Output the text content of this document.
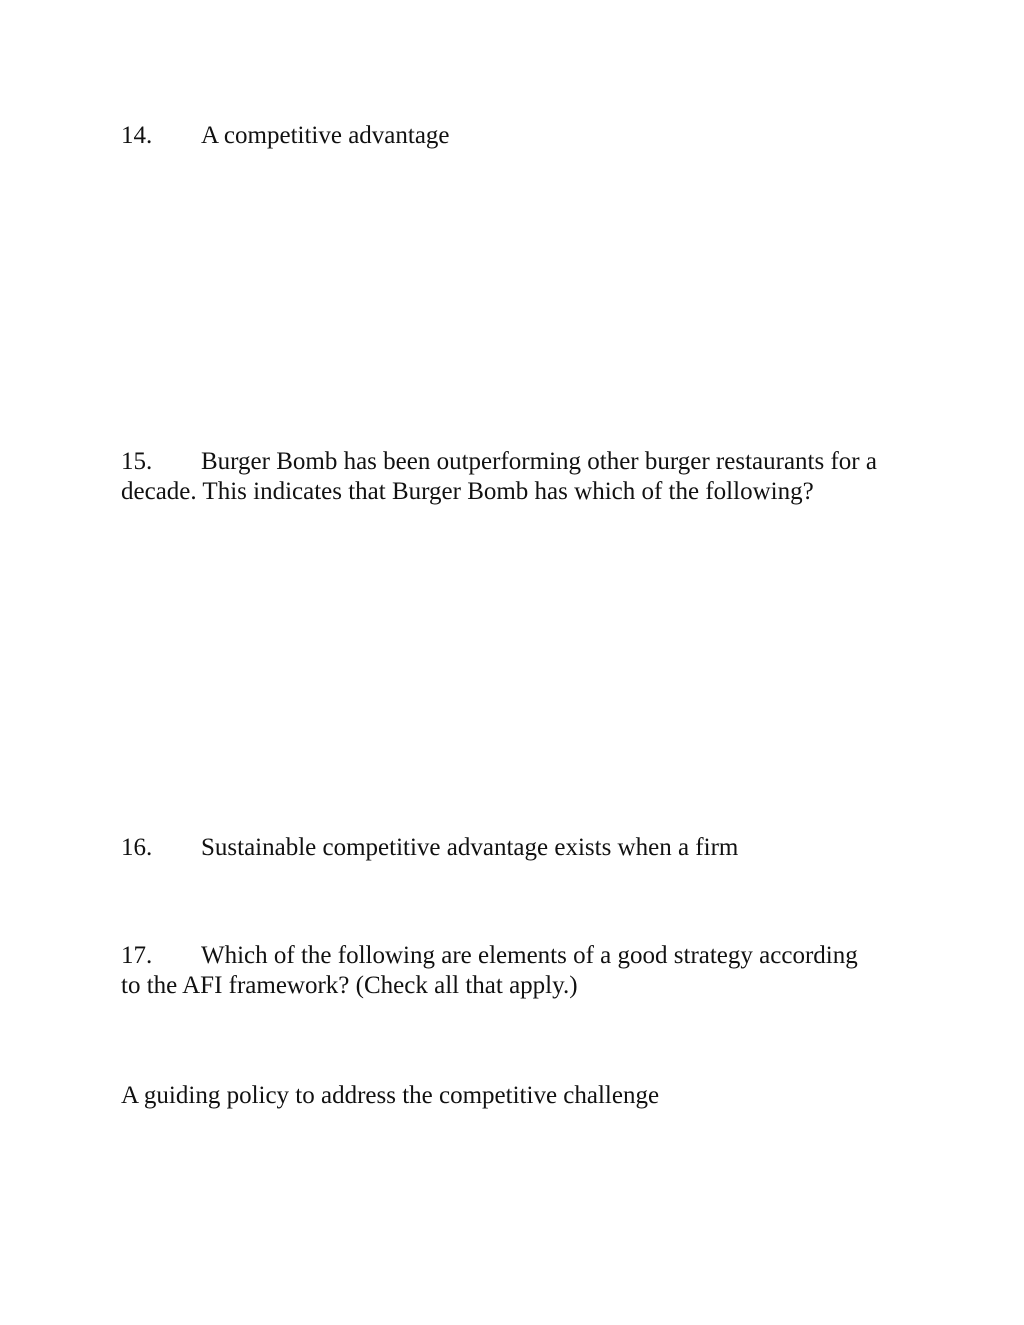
14. A competitive advantage

15. Burger Bomb has been outperforming other burger restaurants for a decade. This indicates that Burger Bomb has which of the following?

16. Sustainable competitive advantage exists when a firm

17. Which of the following are elements of a good strategy according to the AFI framework? (Check all that apply.)

A guiding policy to address the competitive challenge
